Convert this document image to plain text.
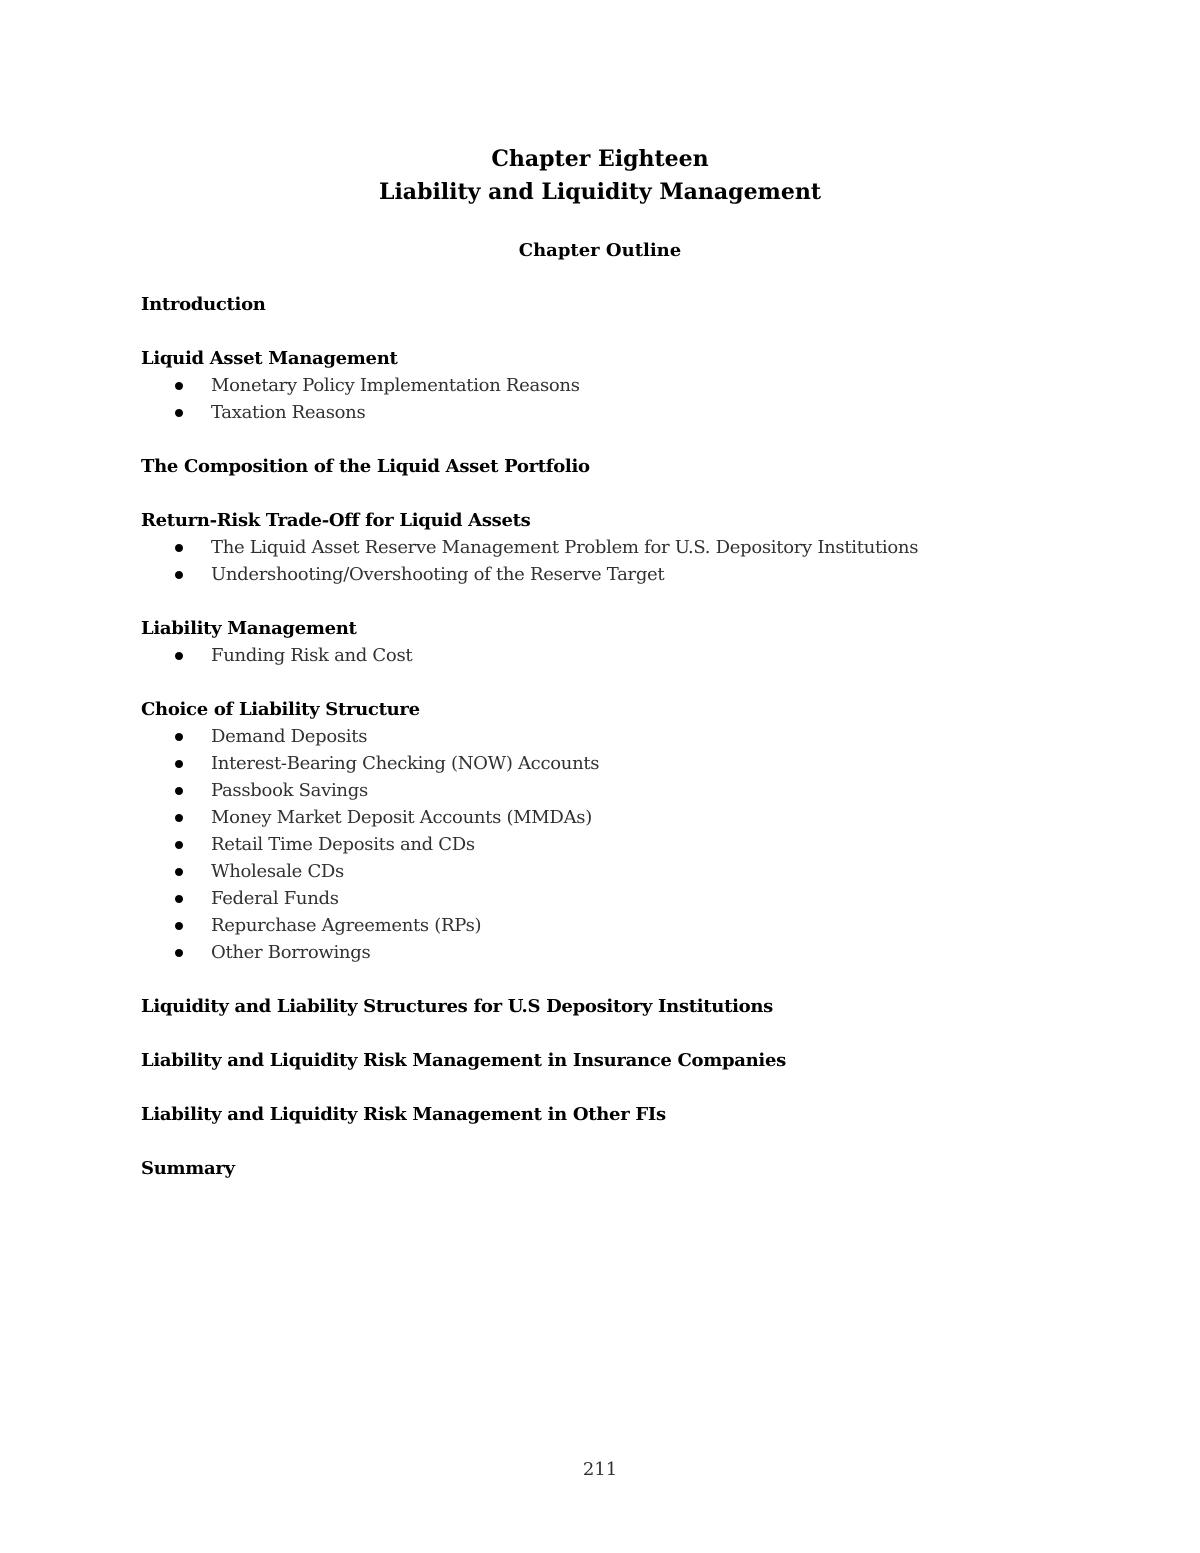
Chapter Eighteen
Liability and Liquidity Management
Chapter Outline
Introduction
Liquid Asset Management
Monetary Policy Implementation Reasons
Taxation Reasons
The Composition of the Liquid Asset Portfolio
Return-Risk Trade-Off for Liquid Assets
The Liquid Asset Reserve Management Problem for U.S. Depository Institutions
Undershooting/Overshooting of the Reserve Target
Liability Management
Funding Risk and Cost
Choice of Liability Structure
Demand Deposits
Interest-Bearing Checking (NOW) Accounts
Passbook Savings
Money Market Deposit Accounts (MMDAs)
Retail Time Deposits and CDs
Wholesale CDs
Federal Funds
Repurchase Agreements (RPs)
Other Borrowings
Liquidity and Liability Structures for U.S Depository Institutions
Liability and Liquidity Risk Management in Insurance Companies
Liability and Liquidity Risk Management in Other FIs
Summary
211
